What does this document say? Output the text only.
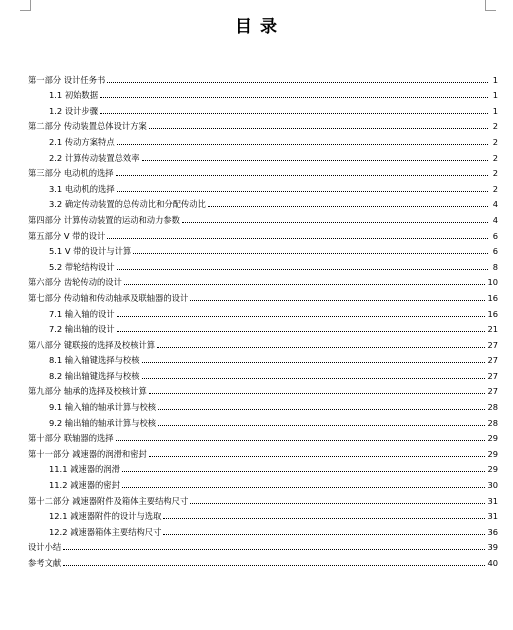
目 录
第一部分 设计任务书	1
1.1 初始数据	1
1.2 设计步骤	1
第二部分 传动装置总体设计方案	2
2.1 传动方案特点	2
2.2 计算传动装置总效率	2
第三部分 电动机的选择	2
3.1 电动机的选择	2
3.2 确定传动装置的总传动比和分配传动比	4
第四部分 计算传动装置的运动和动力参数	4
第五部分 V 带的设计	6
5.1 V 带的设计与计算	6
5.2 带轮结构设计	8
第六部分 齿轮传动的设计	10
第七部分 传动轴和传动轴承及联轴器的设计	16
7.1 输入轴的设计	16
7.2 输出轴的设计	21
第八部分 键联接的选择及校核计算	27
8.1 输入轴键选择与校核	27
8.2 输出轴键选择与校核	27
第九部分 轴承的选择及校核计算	27
9.1 输入轴的轴承计算与校核	28
9.2 输出轴的轴承计算与校核	28
第十部分 联轴器的选择	29
第十一部分 减速器的润滑和密封	29
11.1 减速器的润滑	29
11.2 减速器的密封	30
第十二部分 减速器附件及箱体主要结构尺寸	31
12.1 减速器附件的设计与选取	31
12.2 减速器箱体主要结构尺寸	36
设计小结	39
参考文献	40
